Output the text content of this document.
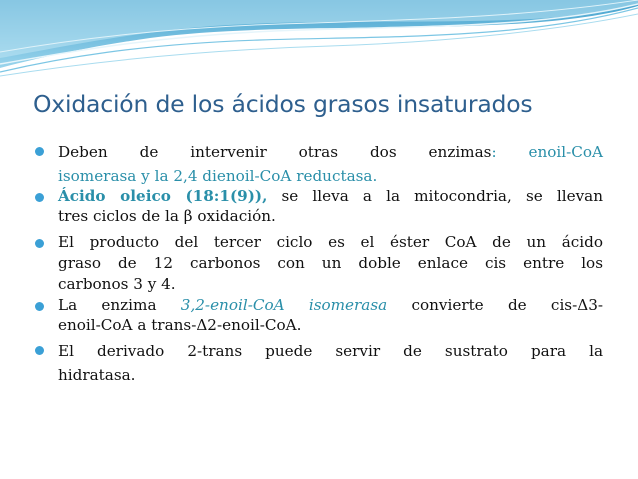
Oxidación de los ácidos grasos insaturados
Deben de intervenir otras dos enzimas: enoil-CoA
isomerasa y la 2,4 dienoil-CoA reductasa.
Ácido oleico (18:1(9)), se lleva a la mitocondria, se llevan
tres ciclos de la β oxidación.
El producto del tercer ciclo es el éster CoA de un ácido
graso de 12 carbonos con un doble enlace cis entre los
carbonos 3 y 4.
La enzima 3,2-enoil-CoA isomerasa convierte de cis-Δ3-
enoil-CoA a trans-Δ2-enoil-CoA.
El derivado 2-trans puede servir de sustrato para la
hidratasa.
